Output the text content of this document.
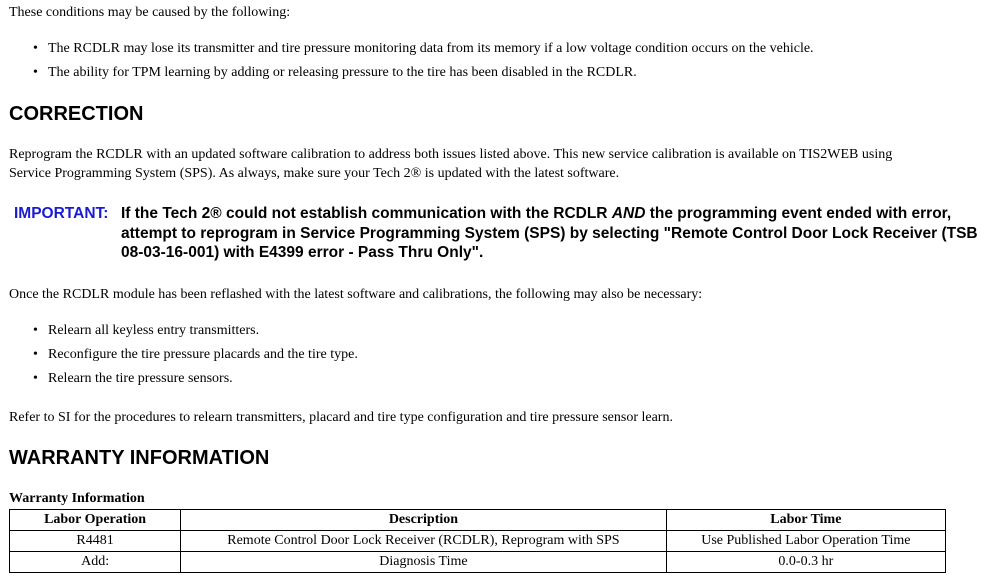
These conditions may be caused by the following:

• The RCDLR may lose its transmitter and tire pressure monitoring data from its memory if a low voltage condition occurs on the vehicle.
• The ability for TPM learning by adding or releasing pressure to the tire has been disabled in the RCDLR.
CORRECTION

Reprogram the RCDLR with an updated software calibration to address both issues listed above. This new service calibration is available on TIS2WEB using

Service Programming System (SPS). As always, make sure your Tech 2® is updated with the latest software.

IMPORTANT: If the Tech 2® could not establish communication with the RCDLR AND the programming event ended with error, attempt to reprogram in Service Programming System (SPS) by selecting "Remote Control Door Lock Receiver (TSB 08-03-16-001) with E4399 error - Pass Thru Only".

Once the RCDLR module has been reflashed with the latest software and calibrations, the following may also be necessary:

• Relearn all keyless entry transmitters.
• Reconfigure the tire pressure placards and the tire type.
• Relearn the tire pressure sensors.

Refer to SI for the procedures to relearn transmitters, placard and tire type configuration and tire pressure sensor learn.

WARRANTY INFORMATION
Warranty Information
Labor Operation	Description	Labor Time
R4481	Remote Control Door Lock Receiver (RCDLR), Reprogram with SPS	Use Published Labor Operation Time
Add:	Diagnosis Time	0.0-0.3 hr
